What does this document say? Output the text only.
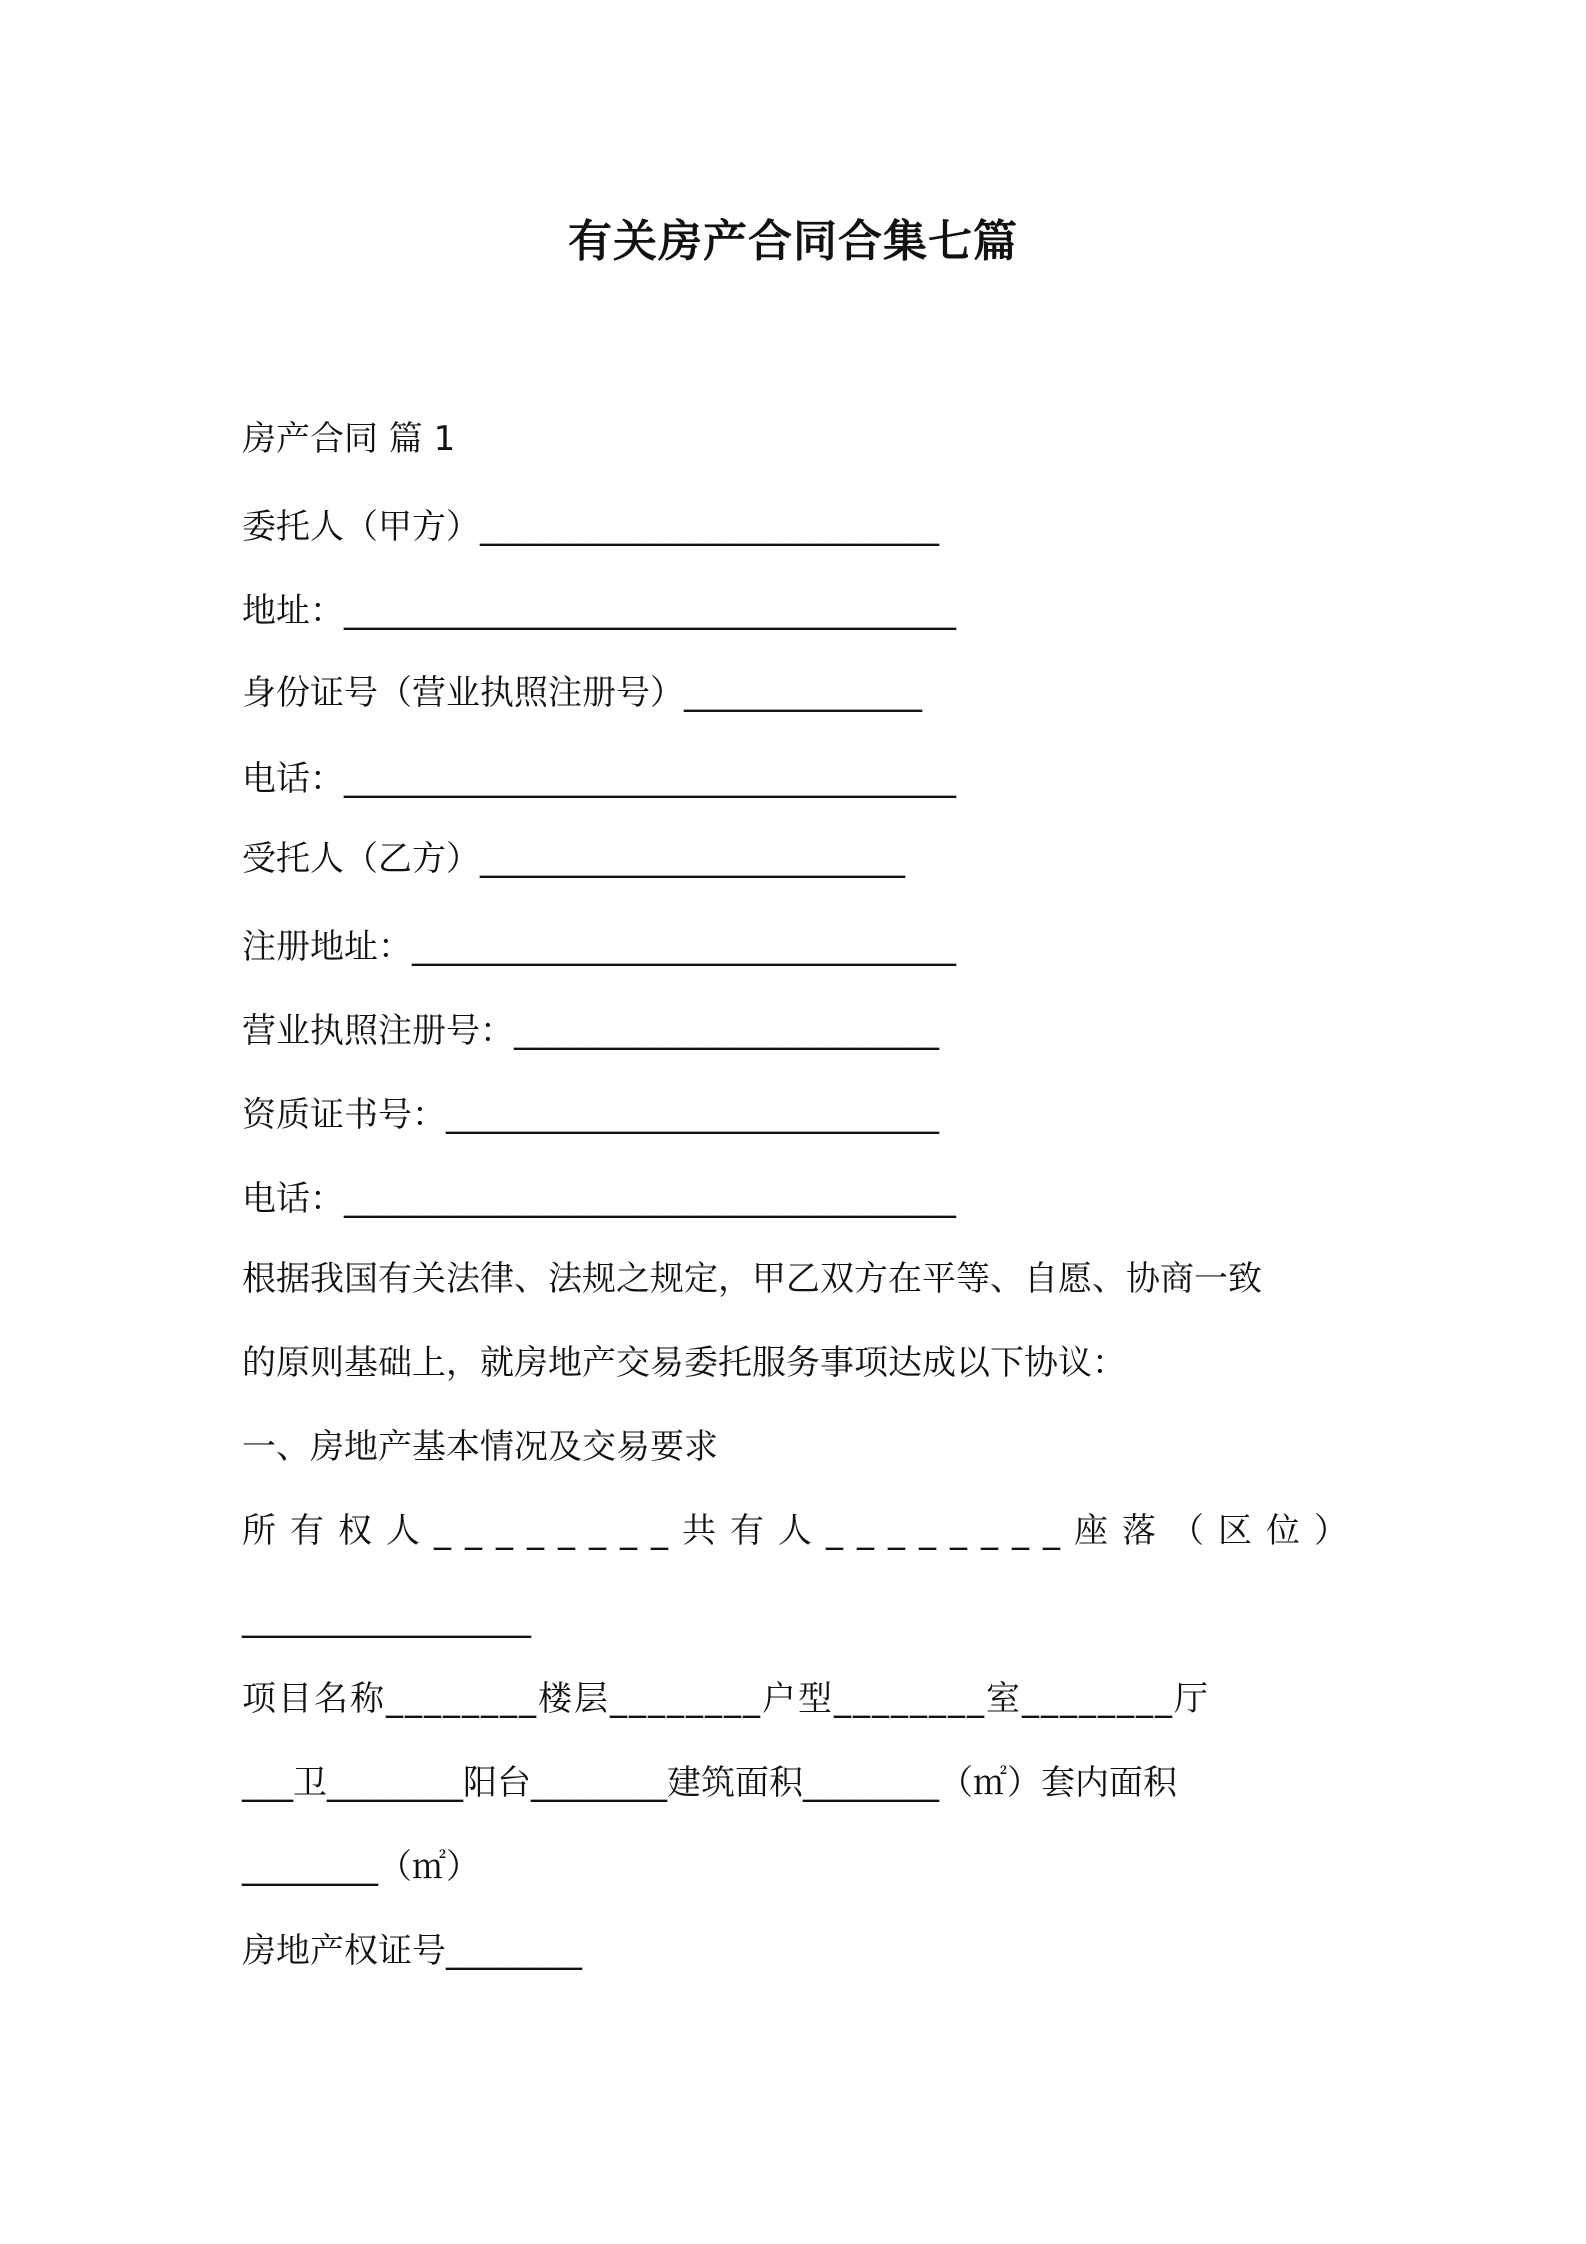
有关房产合同合集七篇
房产合同 篇 1
委托人（甲方）___________________________
地址：____________________________________
身份证号（营业执照注册号）______________
电话：____________________________________
受托人（乙方）_________________________
注册地址：________________________________
营业执照注册号：_________________________
资质证书号：_____________________________
电话：____________________________________
根据我国有关法律、法规之规定，甲乙双方在平等、自愿、协商一致
的原则基础上，就房地产交易委托服务事项达成以下协议：
一、房地产基本情况及交易要求
所有权人________共有人________座落（区位）
_________________
项目名称________楼层________户型________室________厅
___卫________阳台________建筑面积________（㎡）套内面积
________（㎡）
房地产权证号________
